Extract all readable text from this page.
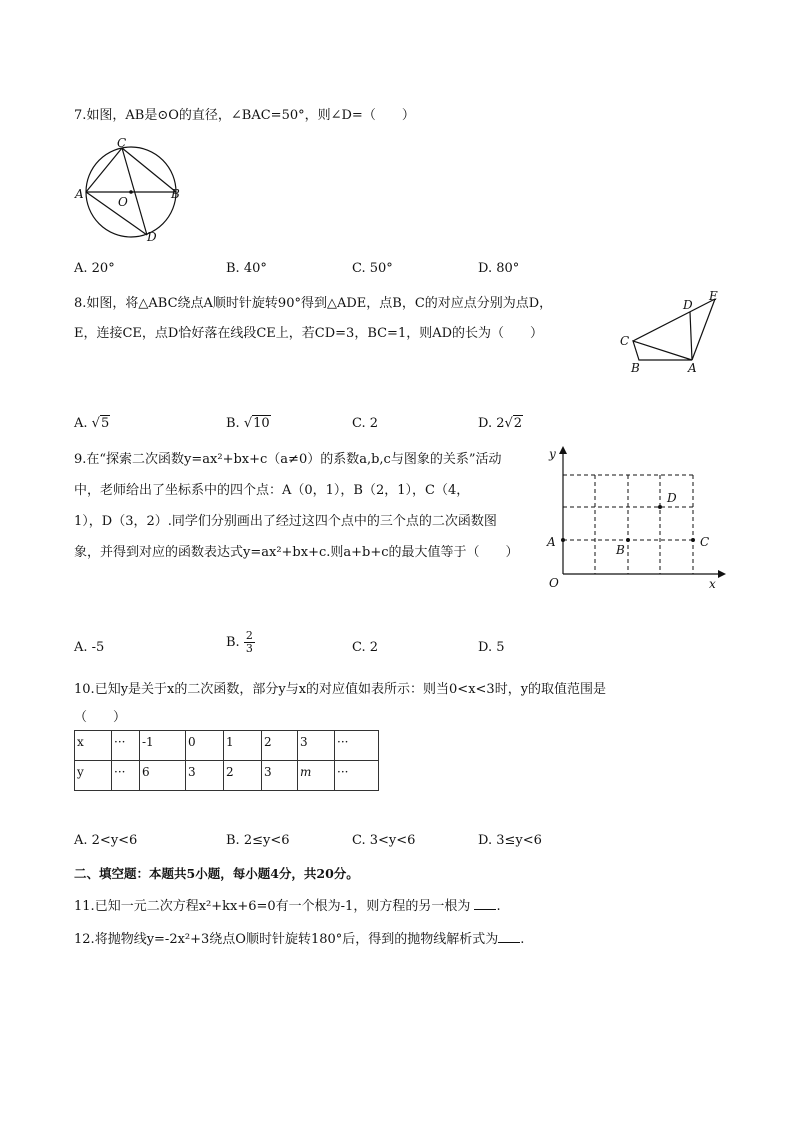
7.如图，AB是⊙O的直径，∠BAC=50°，则∠D=（　　）
C
A
O
B
D
A. 20°	B. 40°	C. 50°	D. 80°
8.如图，将△ABC绕点A顺时针旋转90°得到△ADE，点B，C的对应点分别为点D，
E，连接CE，点D恰好落在线段CE上，若CD=3，BC=1，则AD的长为（　　）
D
E
C
B	A
A. √5	B. √10	C. 2	D. 2√2
9.在“探索二次函数y=ax²+bx+c（a≠0）的系数a,b,c与图象的关系”活动
中，老师给出了坐标系中的四个点：A（0，1），B（2，1），C（4，
1），D（3，2）.同学们分别画出了经过这四个点中的三个点的二次函数图
象，并得到对应的函数表达式y=ax²+bx+c.则a+b+c的最大值等于（　　）
y
x
O
A
B
C
D
A. -5	B. $\frac{2}{3}$	C. 2	D. 5
10.已知y是关于x的二次函数，部分y与x的对应值如表所示：则当0<x<3时，y的取值范围是
（　　）
x	···	-1	0	1	2	3	···
y	···	6	3	2	3	m	···
A. 2<y<6	B. 2≤y<6	C. 3<y<6	D. 3≤y<6
二、填空题：本题共5小题，每小题4分，共20分。
11.已知一元二次方程x²+kx+6=0有一个根为-1，则方程的另一根为 .
12.将抛物线y=-2x²+3绕点O顺时针旋转180°后，得到的抛物线解析式为 .
